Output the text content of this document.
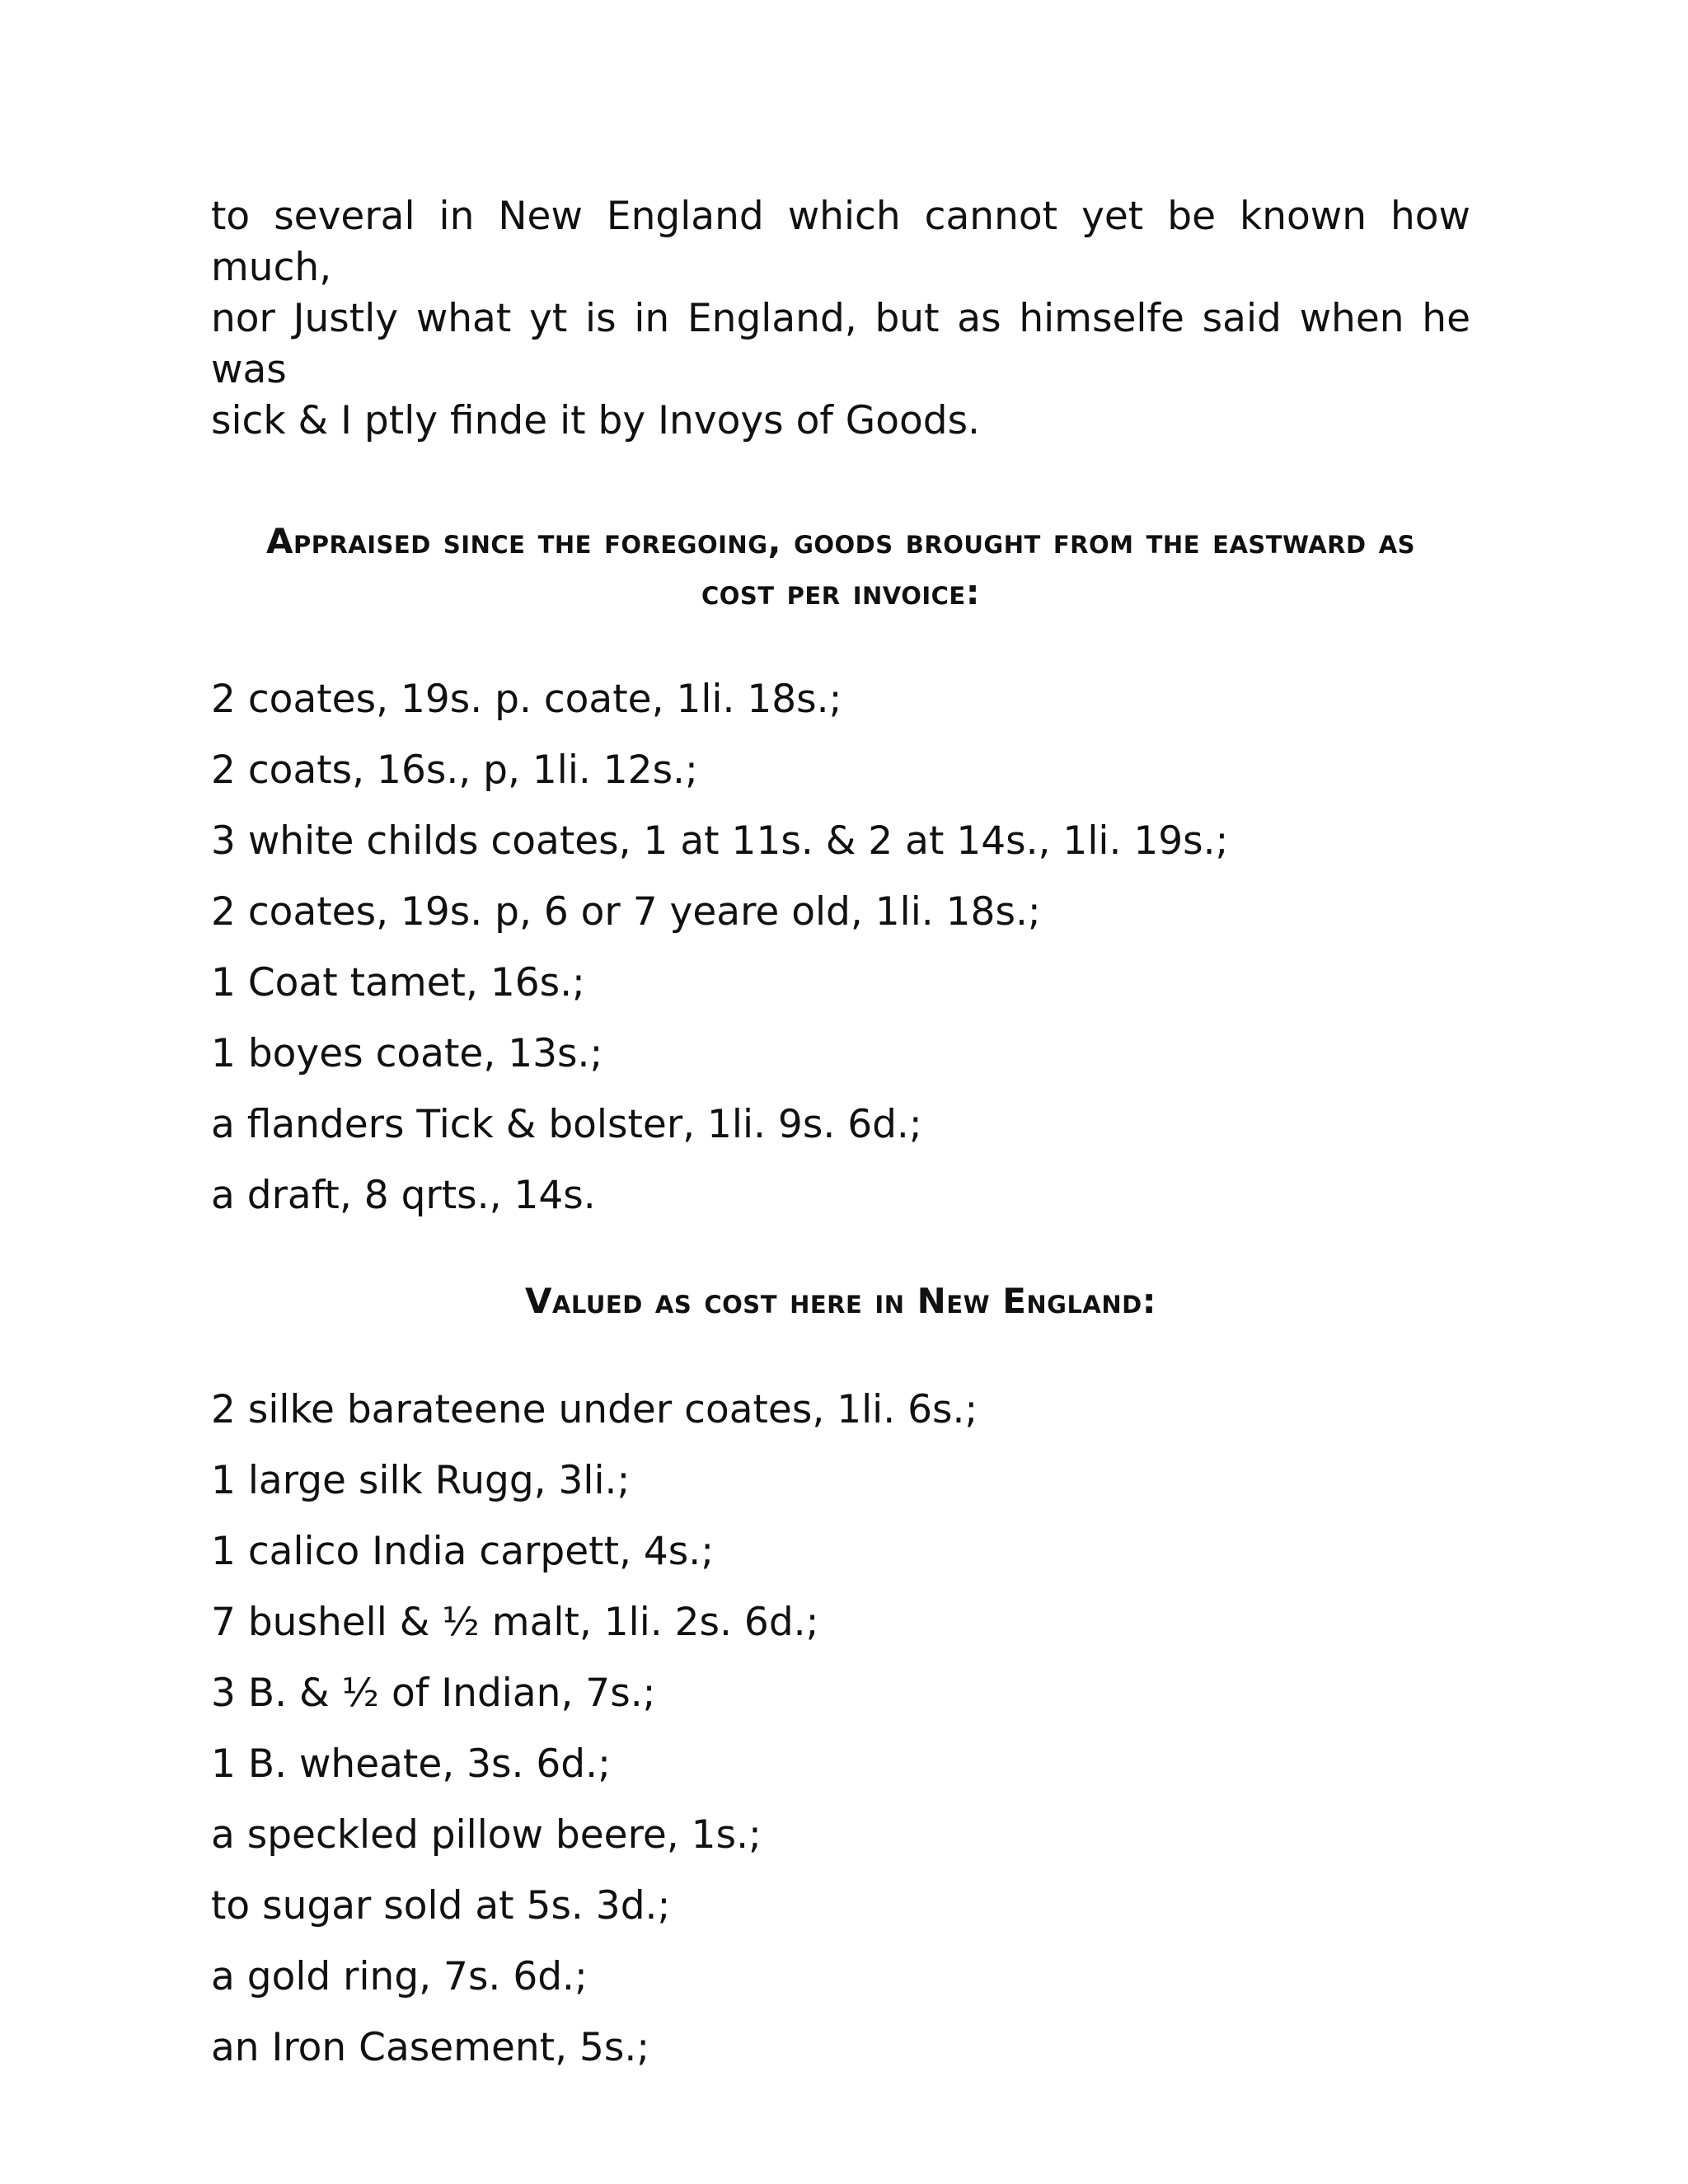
to several in New England which cannot yet be known how much,
nor Justly what yt is in England, but as himselfe said when he was
sick & I ptly finde it by Invoys of Goods.

Appraised since the foregoing, goods brought from the eastward as
cost per invoice:
2 coates, 19s. p. coate, 1li. 18s.;
2 coats, 16s., p, 1li. 12s.;
3 white childs coates, 1 at 11s. & 2 at 14s., 1li. 19s.;
2 coates, 19s. p, 6 or 7 yeare old, 1li. 18s.;
1 Coat tamet, 16s.;
1 boyes coate, 13s.;
a flanders Tick & bolster, 1li. 9s. 6d.;
a draft, 8 qrts., 14s.
Valued as cost here in New England:
2 silke barateene under coates, 1li. 6s.;
1 large silk Rugg, 3li.;
1 calico India carpett, 4s.;
7 bushell & ½ malt, 1li. 2s. 6d.;
3 B. & ½ of Indian, 7s.;
1 B. wheate, 3s. 6d.;
a speckled pillow beere, 1s.;
to sugar sold at 5s. 3d.;
a gold ring, 7s. 6d.;
an Iron Casement, 5s.;
